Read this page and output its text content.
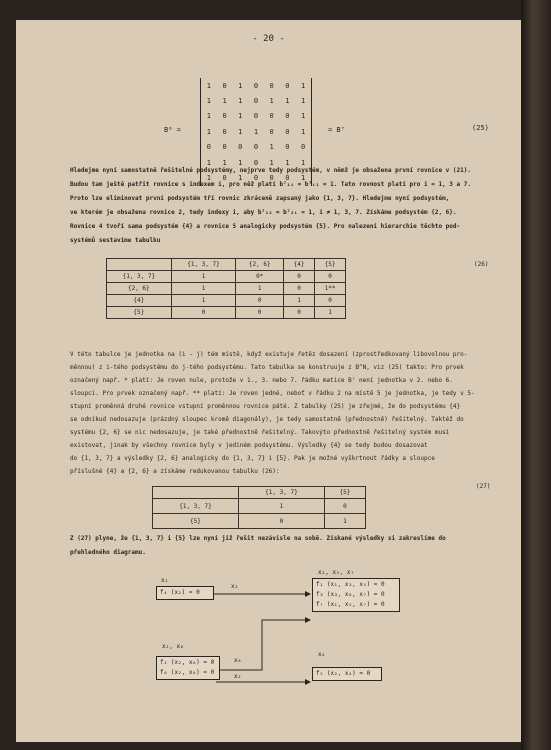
- 20 -
B⁶ =
1 0 1 0 0 0 1
1 1 1 0 1 1 1
1 0 1 0 0 0 1
1 0 1 1 0 0 1
0 0 0 0 1 0 0
1 1 1 0 1 1 1
1 0 1 0 0 0 1
= B⁷	(25)
Hledejme nyní samostatně řešitelné podsystémy, nejprve tedy podsystém, v němž je obsažena první rovnice v (21).
Budou tam ještě patřit rovnice s indexem i, pro něž platí b⁷₁ᵢ = b⁷ᵢ₁ = 1. Tato rovnost platí pro i = 1, 3 a 7.
Proto lze eliminovat první podsystém tří rovnic zkráceně zapsaný jako {1, 3, 7}. Hledejme nyní podsystém,
ve kterém je obsažena rovnice 2, tedy indexy i, aby b⁷₁₂ = b⁷₂ᵢ = 1, i ≠ 1, 3, 7. Získáme podsystém {2, 6}.
Rovnice 4 tvoří sama podsystém {4} a rovnice 5 analogicky podsystém {5}. Pro nalezení hierarchie těchto pod-
systémů sestavíme tabulku
	{1, 3, 7}	{2, 6}	{4}	{5}
{1, 3, 7}	1	0*	0	0
{2, 6}	1	1	0	1**
{4}	1	0	1	0
{5}	0	0	0	1
(26)
V této tabulce je jednotka na (i - j) tém místě, když existuje řetěz dosazení (zprostředkovaný libovolnou pro-
měnnou) z i-tého podsystému do j-tého podsystému. Tato tabulka se konstruuje z B^N, viz (25) takto: Pro prvek
označený např. * platí: Je roven nule, protože v 1., 3. nebo 7. řádku matice B⁷ není jednotka v 2. nebo 6.
sloupci. Pro prvek označený např. ** platí: Je roven jedné, neboť v řádku 2 na místě 5 je jednotka, je tedy v 5-
stupní proměnná druhé rovnice vstupní proměnnou rovnice páté. Z tabulky (25) je zřejmé, že do podsystému {4}
se odnikud nedosazuje (prázdný sloupec kromě diagonály), je tedy samostatně (přednostně) řešitelný. Taktéž do
systému {2, 6} se nic nedosazuje, je také přednostně řešitelný. Takovýto přednostně řešitelný systém musí
existovat, jinak by všechny rovnice byly v jediném podsystému. Výsledky {4} se tedy budou dosazovat
do {1, 3, 7} a výsledky {2, 6} analogicky do {1, 3, 7} i {5}. Pak je možné vyškrtnout řádky a sloupce
příslušné {4} a {2, 6} a získáme redukovanou tabulku (26):
	{1, 3, 7}	{5}
{1, 3, 7}	1	0
{5}	0	1
(27)
Z (27) plyne, že {1, 3, 7} i {5} lze nyní již řešit nezávisle na sobě. Získané výsledky si zakreslíme do
přehledného diagramu.
x₁
f₄ (x₂) = 0
x₂
x₁, x₅, x₇
f₁ (x₁, x₃, x₅) = 0
f₃ (x₃, x₆, x₇) = 0
f₇ (x₁, x₅, x₇) = 0
x₂, x₆
f₂ (x₂, x₆) = 0
f₆ (x₂, x₆) = 0
x₆
x₂
x₄
f₅ (x₂, x₄) = 0
